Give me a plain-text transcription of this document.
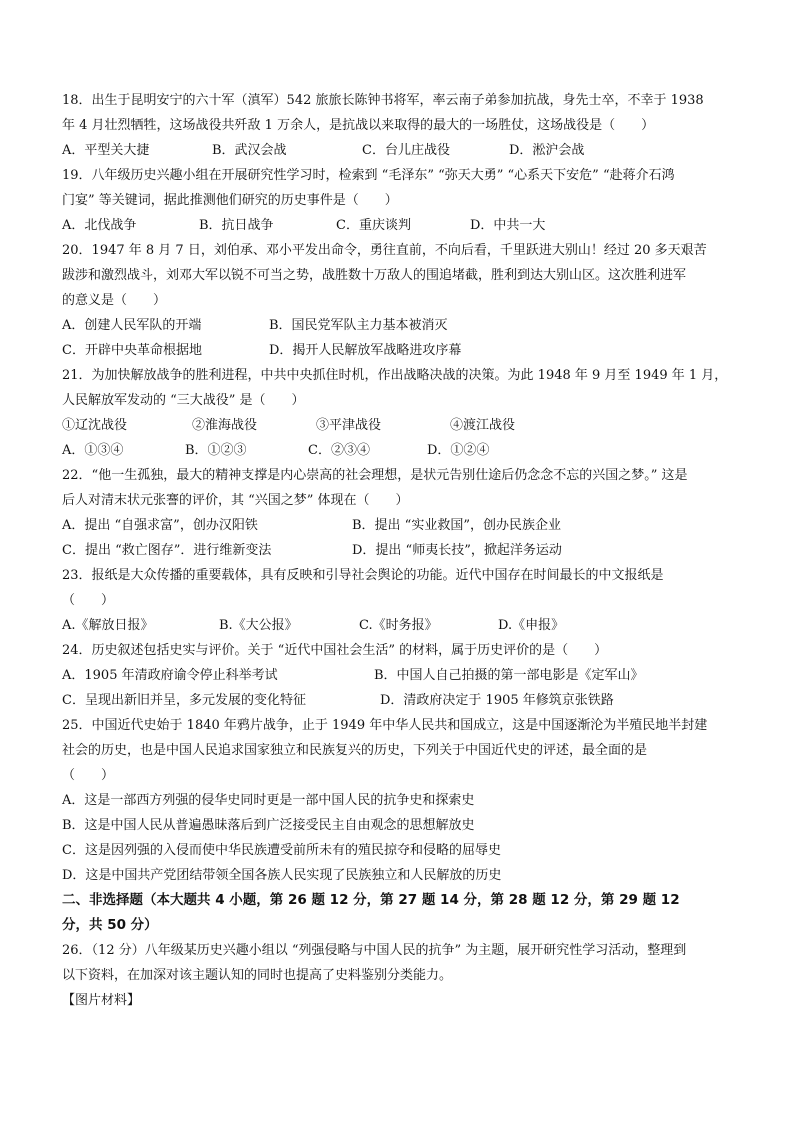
18．出生于昆明安宁的六十军（滇军）542 旅旅长陈钟书将军，率云南子弟参加抗战，身先士卒，不幸于 1938
年 4 月壮烈牺牲，这场战役共歼敌 1 万余人，是抗战以来取得的最大的一场胜仗，这场战役是（　　）
A．平型关大捷	B．武汉会战	C．台儿庄战役	D．淞沪会战
19．八年级历史兴趣小组在开展研究性学习时，检索到 “毛泽东” “弥天大勇” “心系天下安危” “赴蒋介石鸿
门宴” 等关键词，据此推测他们研究的历史事件是（　　）
A．北伐战争	B．抗日战争	C．重庆谈判	D．中共一大
20．1947 年 8 月 7 日，刘伯承、邓小平发出命令，勇往直前，不向后看，千里跃进大别山！经过 20 多天艰苦
跋涉和激烈战斗，刘邓大军以锐不可当之势，战胜数十万敌人的围追堵截，胜利到达大别山区。这次胜利进军
的意义是（　　）
A．创建人民军队的开端	B．国民党军队主力基本被消灭
C．开辟中央革命根据地	D．揭开人民解放军战略进攻序幕
21．为加快解放战争的胜利进程，中共中央抓住时机，作出战略决战的决策。为此 1948 年 9 月至 1949 年 1 月，
人民解放军发动的 “三大战役” 是（　　）
①辽沈战役	②淮海战役	③平津战役	④渡江战役
A．①③④	B．①②③	C．②③④	D．①②④
22．“他一生孤独，最大的精神支撑是内心崇高的社会理想，是状元告别仕途后仍念念不忘的兴国之梦。” 这是
后人对清末状元张謇的评价，其 “兴国之梦” 体现在（　　）
A．提出 “自强求富”，创办汉阳铁	B．提出 “实业救国”，创办民族企业
C．提出 “救亡图存”．进行维新变法	D．提出 “师夷长技”，掀起洋务运动
23．报纸是大众传播的重要载体，具有反映和引导社会舆论的功能。近代中国存在时间最长的中文报纸是
（　　）
A.《解放日报》	B.《大公报》	C.《时务报》	D.《申报》
24．历史叙述包括史实与评价。关于 “近代中国社会生活” 的材料，属于历史评价的是（　　）
A．1905 年清政府谕令停止科举考试	B．中国人自己拍摄的第一部电影是《定军山》
C．呈现出新旧并呈，多元发展的变化特征	D．清政府决定于 1905 年修筑京张铁路
25．中国近代史始于 1840 年鸦片战争，止于 1949 年中华人民共和国成立，这是中国逐渐沦为半殖民地半封建
社会的历史，也是中国人民追求国家独立和民族复兴的历史，下列关于中国近代史的评述，最全面的是
（　　）
A．这是一部西方列强的侵华史同时更是一部中国人民的抗争史和探索史
B．这是中国人民从普遍愚昧落后到广泛接受民主自由观念的思想解放史
C．这是因列强的入侵而使中华民族遭受前所未有的殖民掠夺和侵略的屈辱史
D．这是中国共产党团结带领全国各族人民实现了民族独立和人民解放的历史
二、非选择题（本大题共 4 小题，第 26 题 12 分，第 27 题 14 分，第 28 题 12 分，第 29 题 12
分，共 50 分）
26．（12 分）八年级某历史兴趣小组以 “列强侵略与中国人民的抗争” 为主题，展开研究性学习活动，整理到
以下资料，在加深对该主题认知的同时也提高了史料鉴别分类能力。
【图片材料】
